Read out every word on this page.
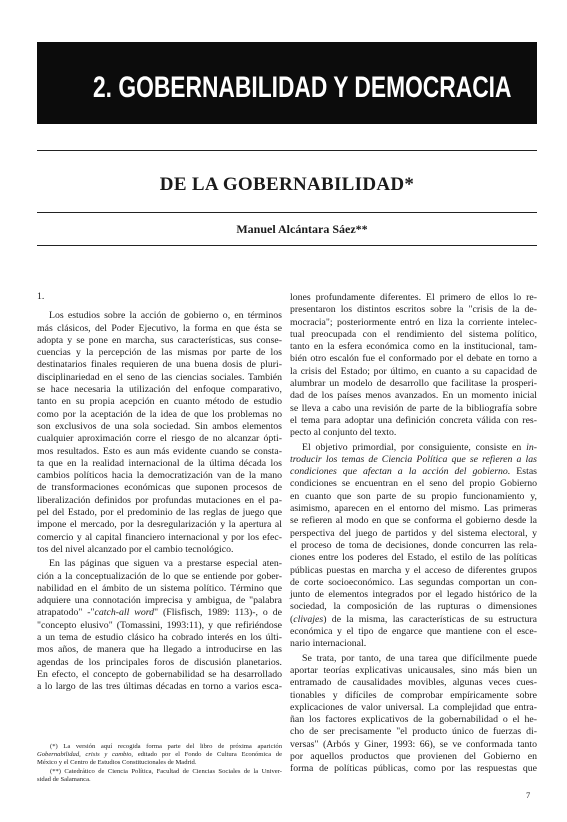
2. GOBERNABILIDAD Y DEMOCRACIA
DE LA GOBERNABILIDAD*
Manuel Alcántara Sáez**
1.
Los estudios sobre la acción de gobierno o, en términos
más clásicos, del Poder Ejecutivo, la forma en que ésta se
adopta y se pone en marcha, sus características, sus conse-
cuencias y la percepción de las mismas por parte de los
destinatarios finales requieren de una buena dosis de pluri-
disciplinariedad en el seno de las ciencias sociales. También
se hace necesaria la utilización del enfoque comparativo,
tanto en su propia acepción en cuanto método de estudio
como por la aceptación de la idea de que los problemas no
son exclusivos de una sola sociedad. Sin ambos elementos
cualquier aproximación corre el riesgo de no alcanzar ópti-
mos resultados. Esto es aun más evidente cuando se consta-
ta que en la realidad internacional de la última década los
cambios políticos hacia la democratización van de la mano
de transformaciones económicas que suponen procesos de
liberalización definidos por profundas mutaciones en el pa-
pel del Estado, por el predominio de las reglas de juego que
impone el mercado, por la desregularización y la apertura al
comercio y al capital financiero internacional y por los efec-
tos del nivel alcanzado por el cambio tecnológico.
En las páginas que siguen va a prestarse especial aten-
ción a la conceptualización de lo que se entiende por gober-
nabilidad en el ámbito de un sistema político. Término que
adquiere una connotación imprecisa y ambigua, de "palabra
atrapatodo" -"catch-all word" (Flisfisch, 1989: 113)-, o de
"concepto elusivo" (Tomassini, 1993:11), y que refiriéndose
a un tema de estudio clásico ha cobrado interés en los últi-
mos años, de manera que ha llegado a introducirse en las
agendas de los principales foros de discusión planetarios.
En efecto, el concepto de gobernabilidad se ha desarrollado
a lo largo de las tres últimas décadas en torno a varios esca-
lones profundamente diferentes. El primero de ellos lo re-
presentaron los distintos escritos sobre la "crisis de la de-
mocracia"; posteriormente entró en liza la corriente intelec-
tual preocupada con el rendimiento del sistema político,
tanto en la esfera económica como en la institucional, tam-
bién otro escalón fue el conformado por el debate en torno a
la crisis del Estado; por último, en cuanto a su capacidad de
alumbrar un modelo de desarrollo que facilitase la prosperi-
dad de los países menos avanzados. En un momento inicial
se lleva a cabo una revisión de parte de la bibliografía sobre
el tema para adoptar una definición concreta válida con res-
pecto al conjunto del texto.
El objetivo primordial, por consiguiente, consiste en in-
troducir los temas de Ciencia Política que se refieren a las
condiciones que afectan a la acción del gobierno. Estas
condiciones se encuentran en el seno del propio Gobierno
en cuanto que son parte de su propio funcionamiento y,
asimismo, aparecen en el entorno del mismo. Las primeras
se refieren al modo en que se conforma el gobierno desde la
perspectiva del juego de partidos y del sistema electoral, y
el proceso de toma de decisiones, donde concurren las rela-
ciones entre los poderes del Estado, el estilo de las políticas
públicas puestas en marcha y el acceso de diferentes grupos
de corte socioeconómico. Las segundas comportan un con-
junto de elementos integrados por el legado histórico de la
sociedad, la composición de las rupturas o dimensiones
(clivajes) de la misma, las características de su estructura
económica y el tipo de engarce que mantiene con el esce-
nario internacional.
Se trata, por tanto, de una tarea que difícilmente puede
aportar teorías explicativas unicausales, sino más bien un
entramado de causalidades movibles, algunas veces cues-
tionables y difíciles de comprobar empíricamente sobre
explicaciones de valor universal. La complejidad que entra-
ñan los factores explicativos de la gobernabilidad o el he-
cho de ser precisamente "el producto único de fuerzas di-
versas" (Arbós y Giner, 1993: 66), se ve conformada tanto
por aquellos productos que provienen del Gobierno en
forma de políticas públicas, como por las respuestas que
(*) La versión aquí recogida forma parte del libro de próxima aparición
Gobernabilidad, crisis y cambio, editado por el Fondo de Cultura Económica de
México y el Centro de Estudios Constitucionales de Madrid.
(**) Catedrático de Ciencia Política, Facultad de Ciencias Sociales de la Univer-
sidad de Salamanca.
7
